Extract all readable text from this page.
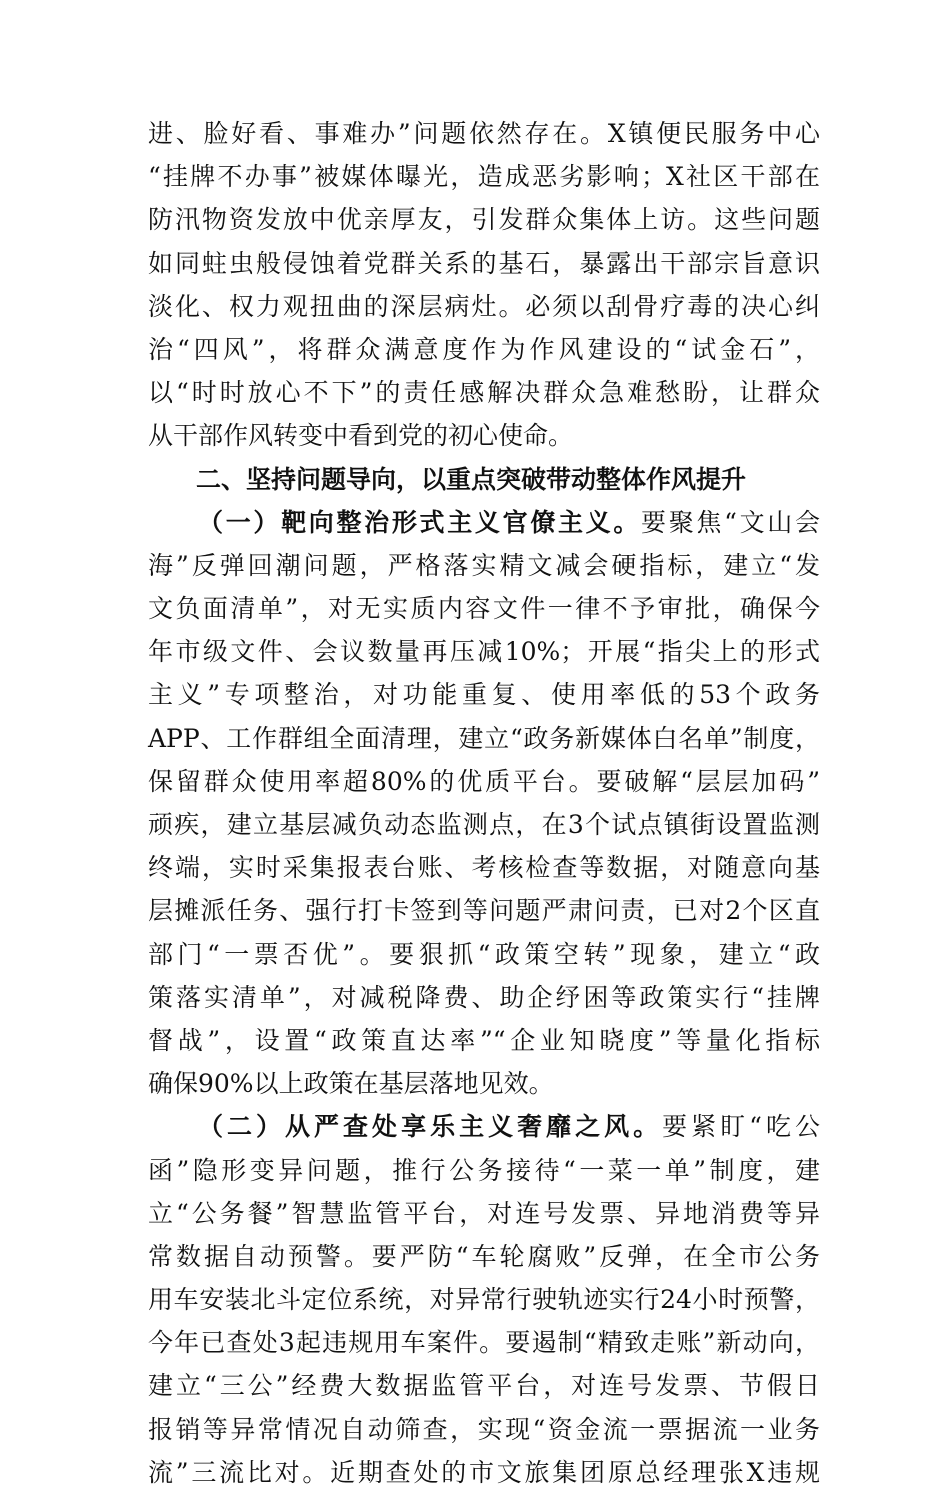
进、脸好看、事难办”问题依然存在。X镇便民服务中心
“挂牌不办事”被媒体曝光，造成恶劣影响；X社区干部在
防汛物资发放中优亲厚友，引发群众集体上访。这些问题
如同蛀虫般侵蚀着党群关系的基石，暴露出干部宗旨意识
淡化、权力观扭曲的深层病灶。必须以刮骨疗毒的决心纠
治“四风”，将群众满意度作为作风建设的“试金石”，
以“时时放心不下”的责任感解决群众急难愁盼，让群众
从干部作风转变中看到党的初心使命。
二、坚持问题导向，以重点突破带动整体作风提升
（一）靶向整治形式主义官僚主义。要聚焦“文山会
海”反弹回潮问题，严格落实精文减会硬指标，建立“发
文负面清单”，对无实质内容文件一律不予审批，确保今
年市级文件、会议数量再压减10%；开展“指尖上的形式
主义”专项整治，对功能重复、使用率低的53个政务
APP、工作群组全面清理，建立“政务新媒体白名单”制度，
保留群众使用率超80%的优质平台。要破解“层层加码”
顽疾，建立基层减负动态监测点，在3个试点镇街设置监测
终端，实时采集报表台账、考核检查等数据，对随意向基
层摊派任务、强行打卡签到等问题严肃问责，已对2个区直
部门“一票否优”。要狠抓“政策空转”现象，建立“政
策落实清单”，对减税降费、助企纾困等政策实行“挂牌
督战”，设置“政策直达率”“企业知晓度”等量化指标
确保90%以上政策在基层落地见效。
（二）从严查处享乐主义奢靡之风。要紧盯“吃公
函”隐形变异问题，推行公务接待“一菜一单”制度，建
立“公务餐”智慧监管平台，对连号发票、异地消费等异
常数据自动预警。要严防“车轮腐败”反弹，在全市公务
用车安装北斗定位系统，对异常行驶轨迹实行24小时预警，
今年已查处3起违规用车案件。要遏制“精致走账”新动向，
建立“三公”经费大数据监管平台，对连号发票、节假日
报销等异常情况自动筛查，实现“资金流一票据流一业务
流”三流比对。近期查处的市文旅集团原总经理张X违规
